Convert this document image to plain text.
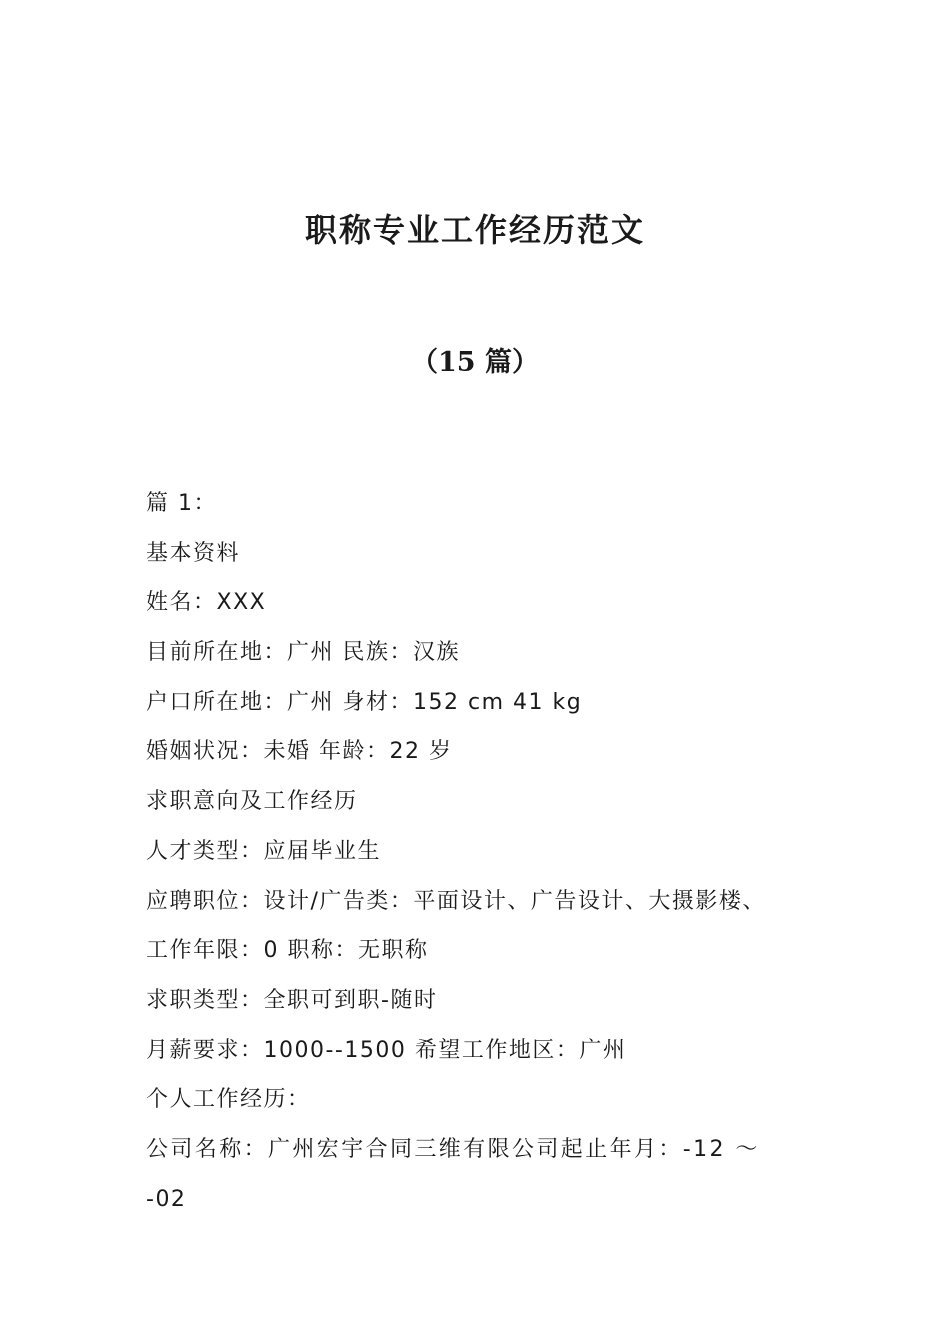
职称专业工作经历范文
（15 篇）

篇 1：

基本资料

姓名：XXX

目前所在地：广州 民族：汉族

户口所在地：广州 身材：152 cm 41 kg

婚姻状况：未婚 年龄：22 岁

求职意向及工作经历

人才类型：应届毕业生

应聘职位：设计/广告类：平面设计、广告设计、大摄影楼、

工作年限：0 职称：无职称

求职类型：全职可到职-随时

月薪要求：1000--1500 希望工作地区：广州

个人工作经历：

公司名称：广州宏宇合同三维有限公司起止年月：-12 ～

-02
